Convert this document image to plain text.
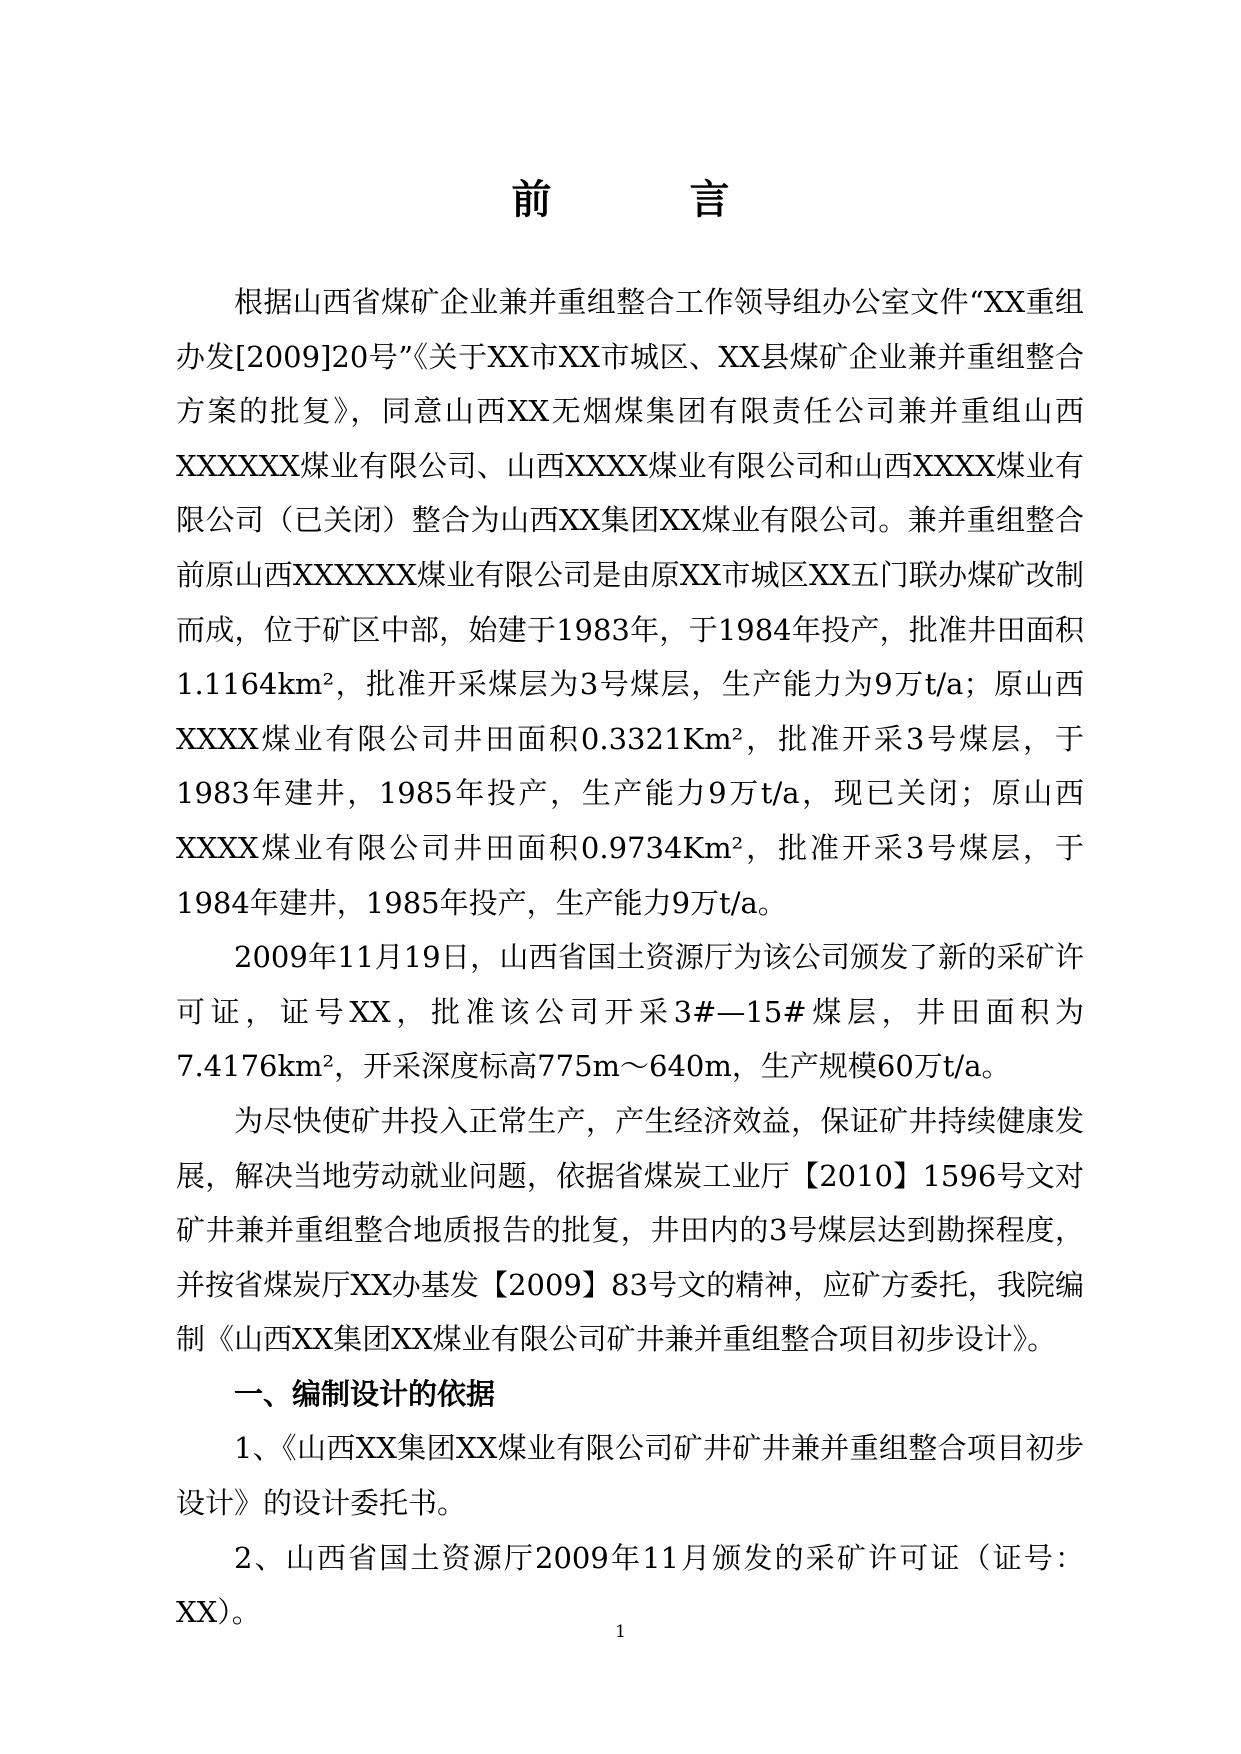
前 言

根据山西省煤矿企业兼并重组整合工作领导组办公室文件“XX重组办发[2009]20号”《关于XX市XX市城区、XX县煤矿企业兼并重组整合方案的批复》，同意山西XX无烟煤集团有限责任公司兼并重组山西XXXXXX煤业有限公司、山西XXXX煤业有限公司和山西XXXX煤业有限公司（已关闭）整合为山西XX集团XX煤业有限公司。兼并重组整合前原山西XXXXXX煤业有限公司是由原XX市城区XX五门联办煤矿改制而成，位于矿区中部，始建于1983年，于1984年投产，批准井田面积1.1164km²，批准开采煤层为3号煤层，生产能力为9万t/a；原山西XXXX煤业有限公司井田面积0.3321Km²，批准开采3号煤层，于1983年建井，1985年投产，生产能力9万t/a，现已关闭；原山西XXXX煤业有限公司井田面积0.9734Km²，批准开采3号煤层，于1984年建井，1985年投产，生产能力9万t/a。

2009年11月19日，山西省国土资源厅为该公司颁发了新的采矿许可证，证号XX，批准该公司开采3#—15#煤层，井田面积为7.4176km²，开采深度标高775m～640m，生产规模60万t/a。

为尽快使矿井投入正常生产，产生经济效益，保证矿井持续健康发展，解决当地劳动就业问题，依据省煤炭工业厅【2010】1596号文对矿井兼并重组整合地质报告的批复，井田内的3号煤层达到勘探程度，并按省煤炭厅XX办基发【2009】83号文的精神，应矿方委托，我院编制《山西XX集团XX煤业有限公司矿井兼并重组整合项目初步设计》。

一、编制设计的依据

1、《山西XX集团XX煤业有限公司矿井矿井兼并重组整合项目初步设计》的设计委托书。

2、山西省国土资源厅2009年11月颁发的采矿许可证（证号：XX）。

1
